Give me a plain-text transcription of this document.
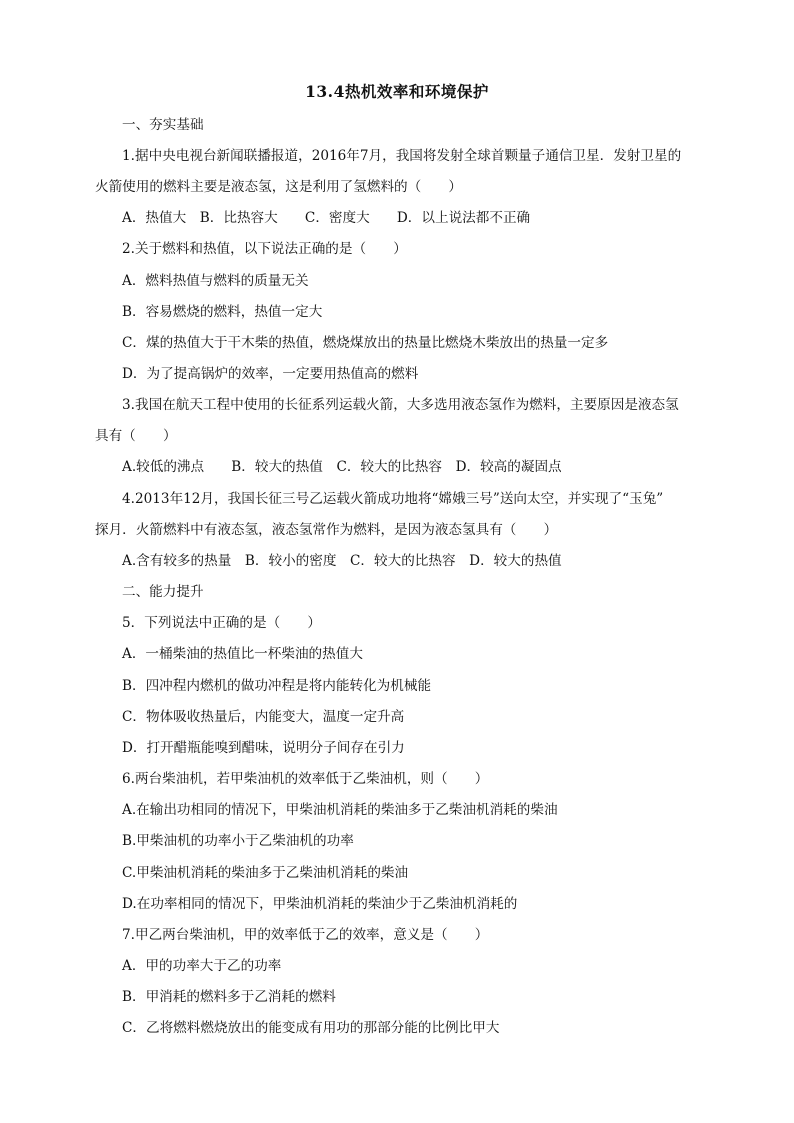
13.4热机效率和环境保护
一、夯实基础
1.据中央电视台新闻联播报道，2016年7月，我国将发射全球首颗量子通信卫星．发射卫星的
火箭使用的燃料主要是液态氢，这是利用了氢燃料的（　　）
A．热值大　B．比热容大　　C．密度大　　D．以上说法都不正确
2.关于燃料和热值，以下说法正确的是（　　）
A．燃料热值与燃料的质量无关
B．容易燃烧的燃料，热值一定大
C．煤的热值大于干木柴的热值，燃烧煤放出的热量比燃烧木柴放出的热量一定多
D．为了提高锅炉的效率，一定要用热值高的燃料
3.我国在航天工程中使用的长征系列运载火箭，大多选用液态氢作为燃料，主要原因是液态氢
具有（　　）
A.较低的沸点　　B．较大的热值　C．较大的比热容　D．较高的凝固点
4.2013年12月，我国长征三号乙运载火箭成功地将“嫦娥三号”送向太空，并实现了“玉兔”
探月．火箭燃料中有液态氢，液态氢常作为燃料，是因为液态氢具有（　　）
A.含有较多的热量　B．较小的密度　C．较大的比热容　D．较大的热值
二、能力提升
5．下列说法中正确的是（　　）
A．一桶柴油的热值比一杯柴油的热值大
B．四冲程内燃机的做功冲程是将内能转化为机械能
C．物体吸收热量后，内能变大，温度一定升高
D．打开醋瓶能嗅到醋味，说明分子间存在引力
6.两台柴油机，若甲柴油机的效率低于乙柴油机，则（　　）
A.在输出功相同的情况下，甲柴油机消耗的柴油多于乙柴油机消耗的柴油
B.甲柴油机的功率小于乙柴油机的功率
C.甲柴油机消耗的柴油多于乙柴油机消耗的柴油
D.在功率相同的情况下，甲柴油机消耗的柴油少于乙柴油机消耗的
7.甲乙两台柴油机，甲的效率低于乙的效率，意义是（　　）
A．甲的功率大于乙的功率
B．甲消耗的燃料多于乙消耗的燃料
C．乙将燃料燃烧放出的能变成有用功的那部分能的比例比甲大
